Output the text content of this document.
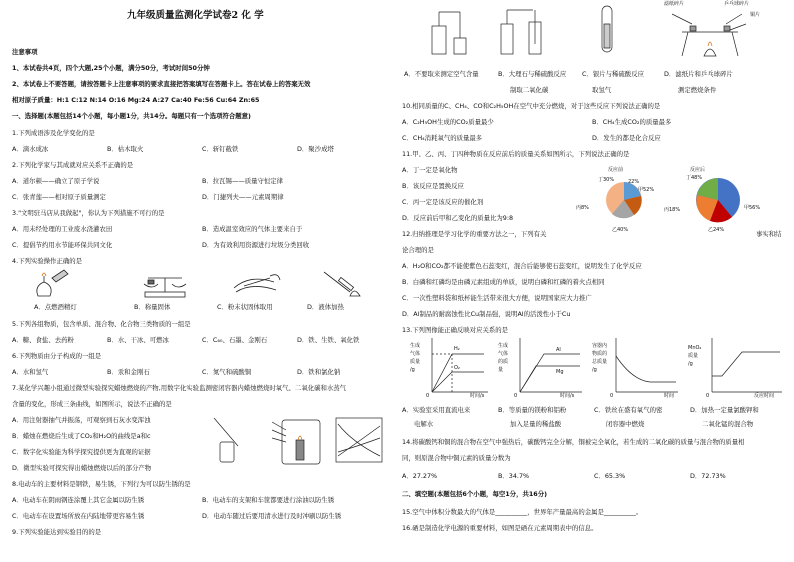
九年级质量监测化学试卷2 化 学
注意事项
1、本试卷共4页，四个大题,25个小题，满分50分，考试时间50分钟
2、本试卷上不要答题，请按答题卡上注意事项的要求直接把答案填写在答题卡上。答在试卷上的答案无效
相对原子质量：H:1 C:12 N:14 O:16 Mg:24 A:27 Ca:40 Fe:56 Cu:64 Zn:65
一、选择题(本题包括14个小题，每小题1分，共14分。每题只有一个选项符合题意)
1.下列成语涉及化学变化的是
A．滴水成冰	B．枯木取火	C．斩钉截铁	D．聚沙成塔
2.下列化学家与其成就对应关系不正确的是
A．道尔顿——确立了原子学说	B．拉瓦锡——质量守恒定律
C．张青莲——相对原子质量测定	D．门捷列夫——元素周期律
3."文明驻马店从我做起"，你认为下列措施不可行的是
A．用未经处理的工业废水浇灌农田	B．造成温室效应的气体主要来自于
C．提倡节约用水节能环保共同文化	D．为有效利用资源进行垃圾分类回收
4.下列实验操作正确的是
A．点燃酒精灯	B．称量固体	C．粉末状固体取用	D．液体加热
5.下列各组物质，包含单质、混合物、化合物三类物质的一组是
A．糖、食盐、去药粉	B．水、干冰、可燃冰	C．C₆₀、石墨、金刚石	D．铁、生铁、氧化铁
6.下列物质由分子构成的一组是
A．水和氢气	B．汞和金刚石	C．氮气和硫酸铜	D．铁和氯化钠
7.某化学兴趣小组通过微型实验探究蜡烛燃烧的产物,用数字化实验监测密闭容器内蜡烛燃烧时氧气、二氧化碳和水蒸气
含量的变化，形成三条曲线，如图所示，说法不正确的是
A．用注射器抽气并振荡，可观察到石灰水变浑浊
B．蜡烛在燃烧后生成了CO₂和H₂O的曲线是a和c
C．数字化实验能为科学探究提供更为直观的证据
D．微型实验可探究得出蜡烛燃烧以后的部分产物
8.电动车的主要材料是钢铁，易生锈，下列行为可以防生锈的是
A．电动车在阴雨钢连涂覆上其它金属以防生锈	B．电动车的支架和车筐都要进行涂油以防生锈
C．电动车在设置场所放在内陆地带更容易生锈	D．电动车随过后要用清水进行及时冲刷以防生锈
9.下列实验能达到实验目的的是
滤纸碎片	乒乓球碎片
铜片
A．不要取来测定空气含量	B．大理石与稀硫酸反应 C．银片与稀硫酸反应	D．滤纸片和乒乓球碎片
制取二氧化碳	取氢气	测定燃烧条件
10.相同质量的C、CH₄、CO和C₂H₅OH在空气中充分燃烧，对于这些反应下列说法正确的是
A．C₂H₅OH生成的CO₂质量最少	B．CH₄生成CO₂的质量最多
C．CH₄消耗氧气的质量最多	D．发生的都是化合反应
11.甲、乙、丙、丁四种物质在反应前后的质量关系如图所示，下列说法正确的是
A．丁一定是氧化物
B．该反应是置换反应
C．丙一定是该反应的催化剂
D．反应前后甲和乙变化的质量比为9:8
反应前	反应后
丁30%
甲52%
22%
丙8%
乙40%
丁48%
甲56%
丙18%
乙24%
12.归纳推理是学习化学的重要方法之一，下列有关	事实和结
论合理的是
A．H₂O和CO₂都不能使紫色石蕊变红，混合后能够使石蕊变红，说明发生了化学反应
B．白磷和红磷均是由磷元素组成的单质，说明白磷和红磷的着火点相同
C．一次性塑料袋和纸杯能生活带来很大方便，说明国家应大力推广
D．Al制品的耐腐蚀性比Cu制品强，说明Al的活泼性小于Cu
13.下列图像能正确反映对应关系的是
生成
气体
质量
/g
H₂
O₂
0	时间/s
生成
气体
的质
量
Al
Mg
0	时间/s
容器内
物质的
总质量
/g
0	时间
MnO₂
质量
/g
0	反应时间
A．实验室采用直流电来	B．等质量的镁粉和铝粉	C．铁丝在盛有氧气的密	D．加热一定量氯酸钾和
电解水	加入足量的稀盐酸	闭容器中燃烧	二氧化锰的混合物
14.将碳酸钙和铜的混合物在空气中强热后，碳酸钙完全分解，铜被完全氧化，若生成的二氧化碳的质量与混合物的质量相
同，则原混合物中铜元素的质量分数为
A．27.27%	B．34.7%	C．65.3%	D．72.73%
二、填空题(本题包括6个小题，每空1分，共16分)
15.空气中体积分数最大的气体是__________，世界年产量最高的金属是__________。
16.硒是制造化学电源的重要材料，如图是硒在元素周期表中的信息。
